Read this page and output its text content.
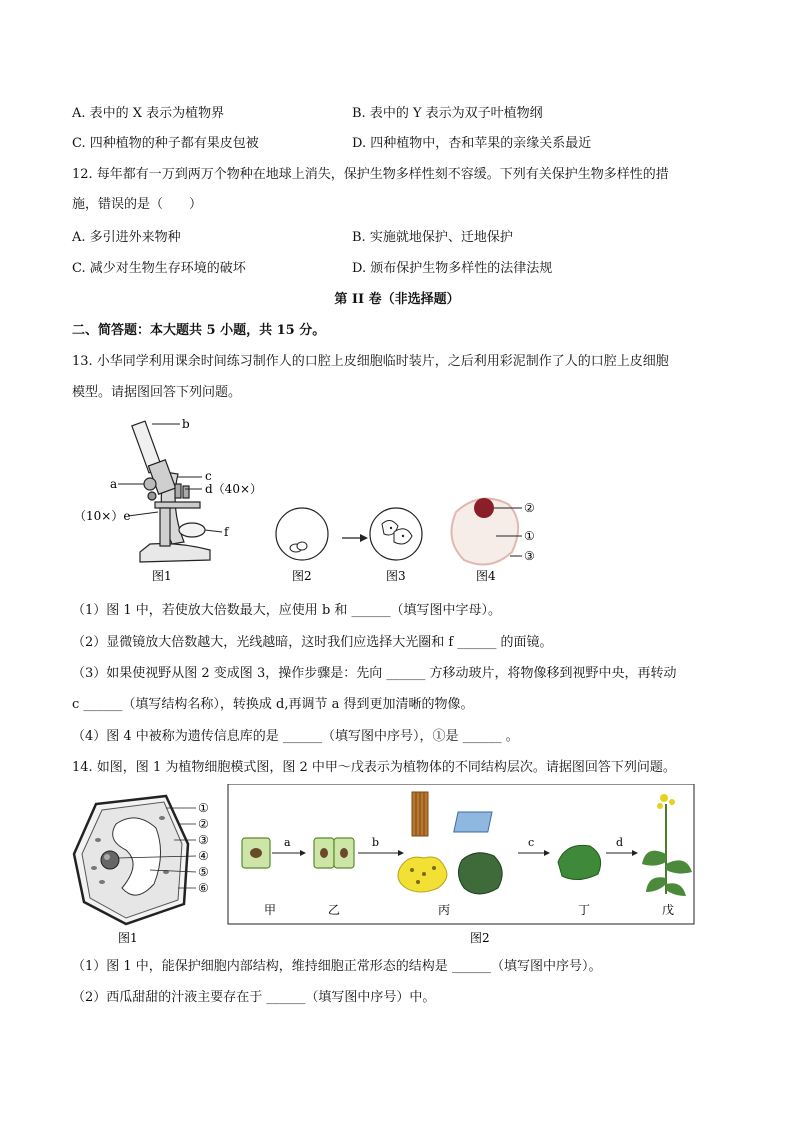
A. 表中的 X 表示为植物界	B. 表中的 Y 表示为双子叶植物纲
C. 四种植物的种子都有果皮包被	D. 四种植物中，杏和苹果的亲缘关系最近
12. 每年都有一万到两万个物种在地球上消失，保护生物多样性刻不容缓。下列有关保护生物多样性的措
施，错误的是（　　）
A. 多引进外来物种	B. 实施就地保护、迁地保护
C. 减少对生物生存环境的破坏	D. 颁布保护生物多样性的法律法规
第 II 卷（非选择题）
二、简答题：本大题共 5 小题，共 15 分。
13. 小华同学利用课余时间练习制作人的口腔上皮细胞临时装片，之后利用彩泥制作了人的口腔上皮细胞
模型。请据图回答下列问题。
b
c
d（40×）
a
（10×）e
f
图1	图2	图3
②
①
③
图4
（1）图 1 中，若使放大倍数最大，应使用 b 和 ______（填写图中字母）。
（2）显微镜放大倍数越大，光线越暗，这时我们应选择大光圈和 f ______ 的面镜。
（3）如果使视野从图 2 变成图 3，操作步骤是：先向 ______ 方移动玻片，将物像移到视野中央，再转动
c ______（填写结构名称），转换成 d,再调节 a 得到更加清晰的物像。
（4）图 4 中被称为遗传信息库的是 ______（填写图中序号），①是 ______ 。
14. 如图，图 1 为植物细胞模式图，图 2 中甲～戊表示为植物体的不同结构层次。请据图回答下列问题。
①
②
③
④
⑤
⑥
图1
a	b
丙
c
丁
d
甲	乙	戊
图2
（1）图 1 中，能保护细胞内部结构，维持细胞正常形态的结构是 ______（填写图中序号）。
（2）西瓜甜甜的汁液主要存在于 ______（填写图中序号）中。
